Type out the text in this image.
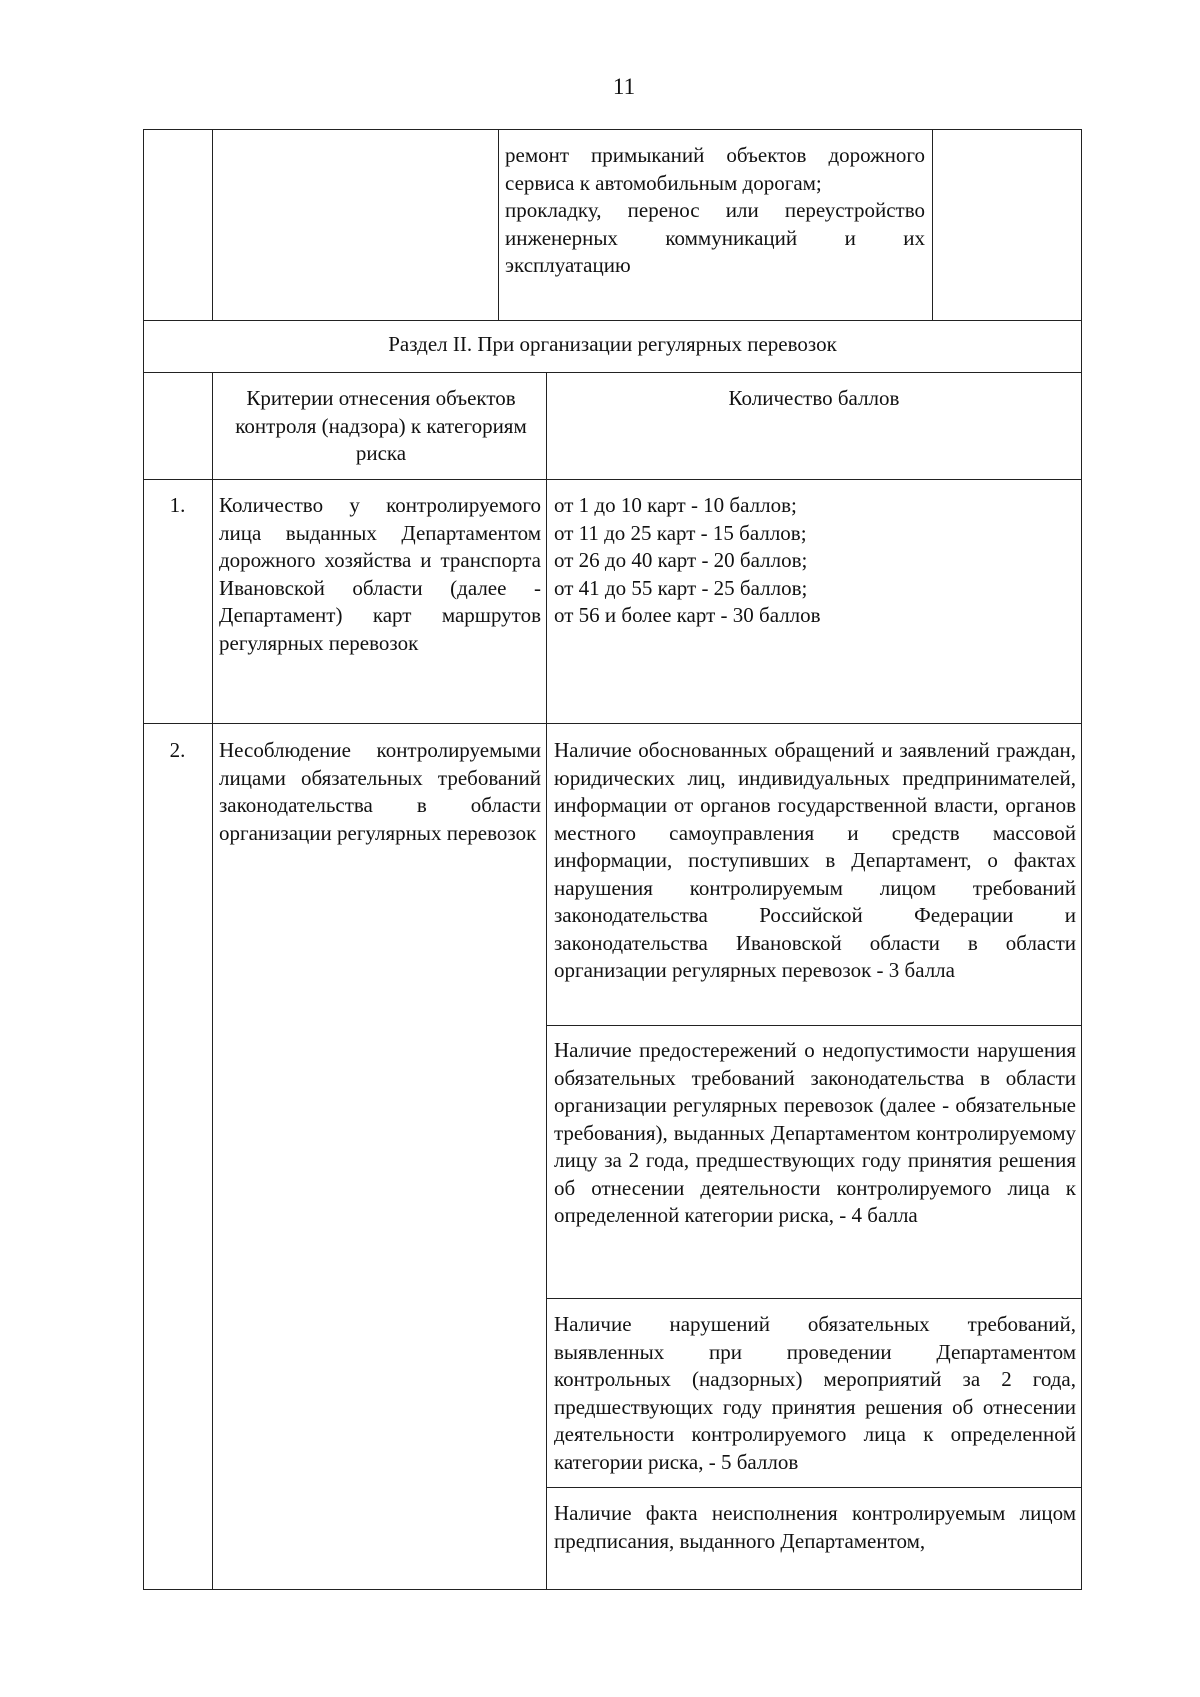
11

ремонт примыканий объектов дорожного сервиса к автомобильным дорогам;

прокладку, перенос или переустройство инженерных коммуникаций и их эксплуатацию

Раздел II. При организации регулярных перевозок
Критерии отнесения объектов контроля (надзора) к категориям риска
Количество баллов
1.	Количество у контролируемого лица выданных Департаментом дорожного хозяйства и транспорта Ивановской области (далее - Департамент) карт маршрутов регулярных перевозок

от 1 до 10 карт - 10 баллов;

от 11 до 25 карт - 15 баллов;

от 26 до 40 карт - 20 баллов;

от 41 до 55 карт - 25 баллов;

от 56 и более карт - 30 баллов

2.	Несоблюдение контролируемыми лицами обязательных требований законодательства в области организации регулярных перевозок
Наличие обоснованных обращений и заявлений граждан, юридических лиц, индивидуальных предпринимателей, информации от органов государственной власти, органов местного самоуправления и средств массовой информации, поступивших в Департамент, о фактах нарушения контролируемым лицом требований законодательства Российской Федерации и законодательства Ивановской области в области организации регулярных перевозок - 3 балла
Наличие предостережений о недопустимости нарушения обязательных требований законодательства в области организации регулярных перевозок (далее - обязательные требования), выданных Департаментом контролируемому лицу за 2 года, предшествующих году принятия решения об отнесении деятельности контролируемого лица к определенной категории риска, - 4 балла
Наличие нарушений обязательных требований, выявленных при проведении Департаментом контрольных (надзорных) мероприятий за 2 года, предшествующих году принятия решения об отнесении деятельности контролируемого лица к определенной категории риска, - 5 баллов
Наличие факта неисполнения контролируемым лицом предписания, выданного Департаментом,
